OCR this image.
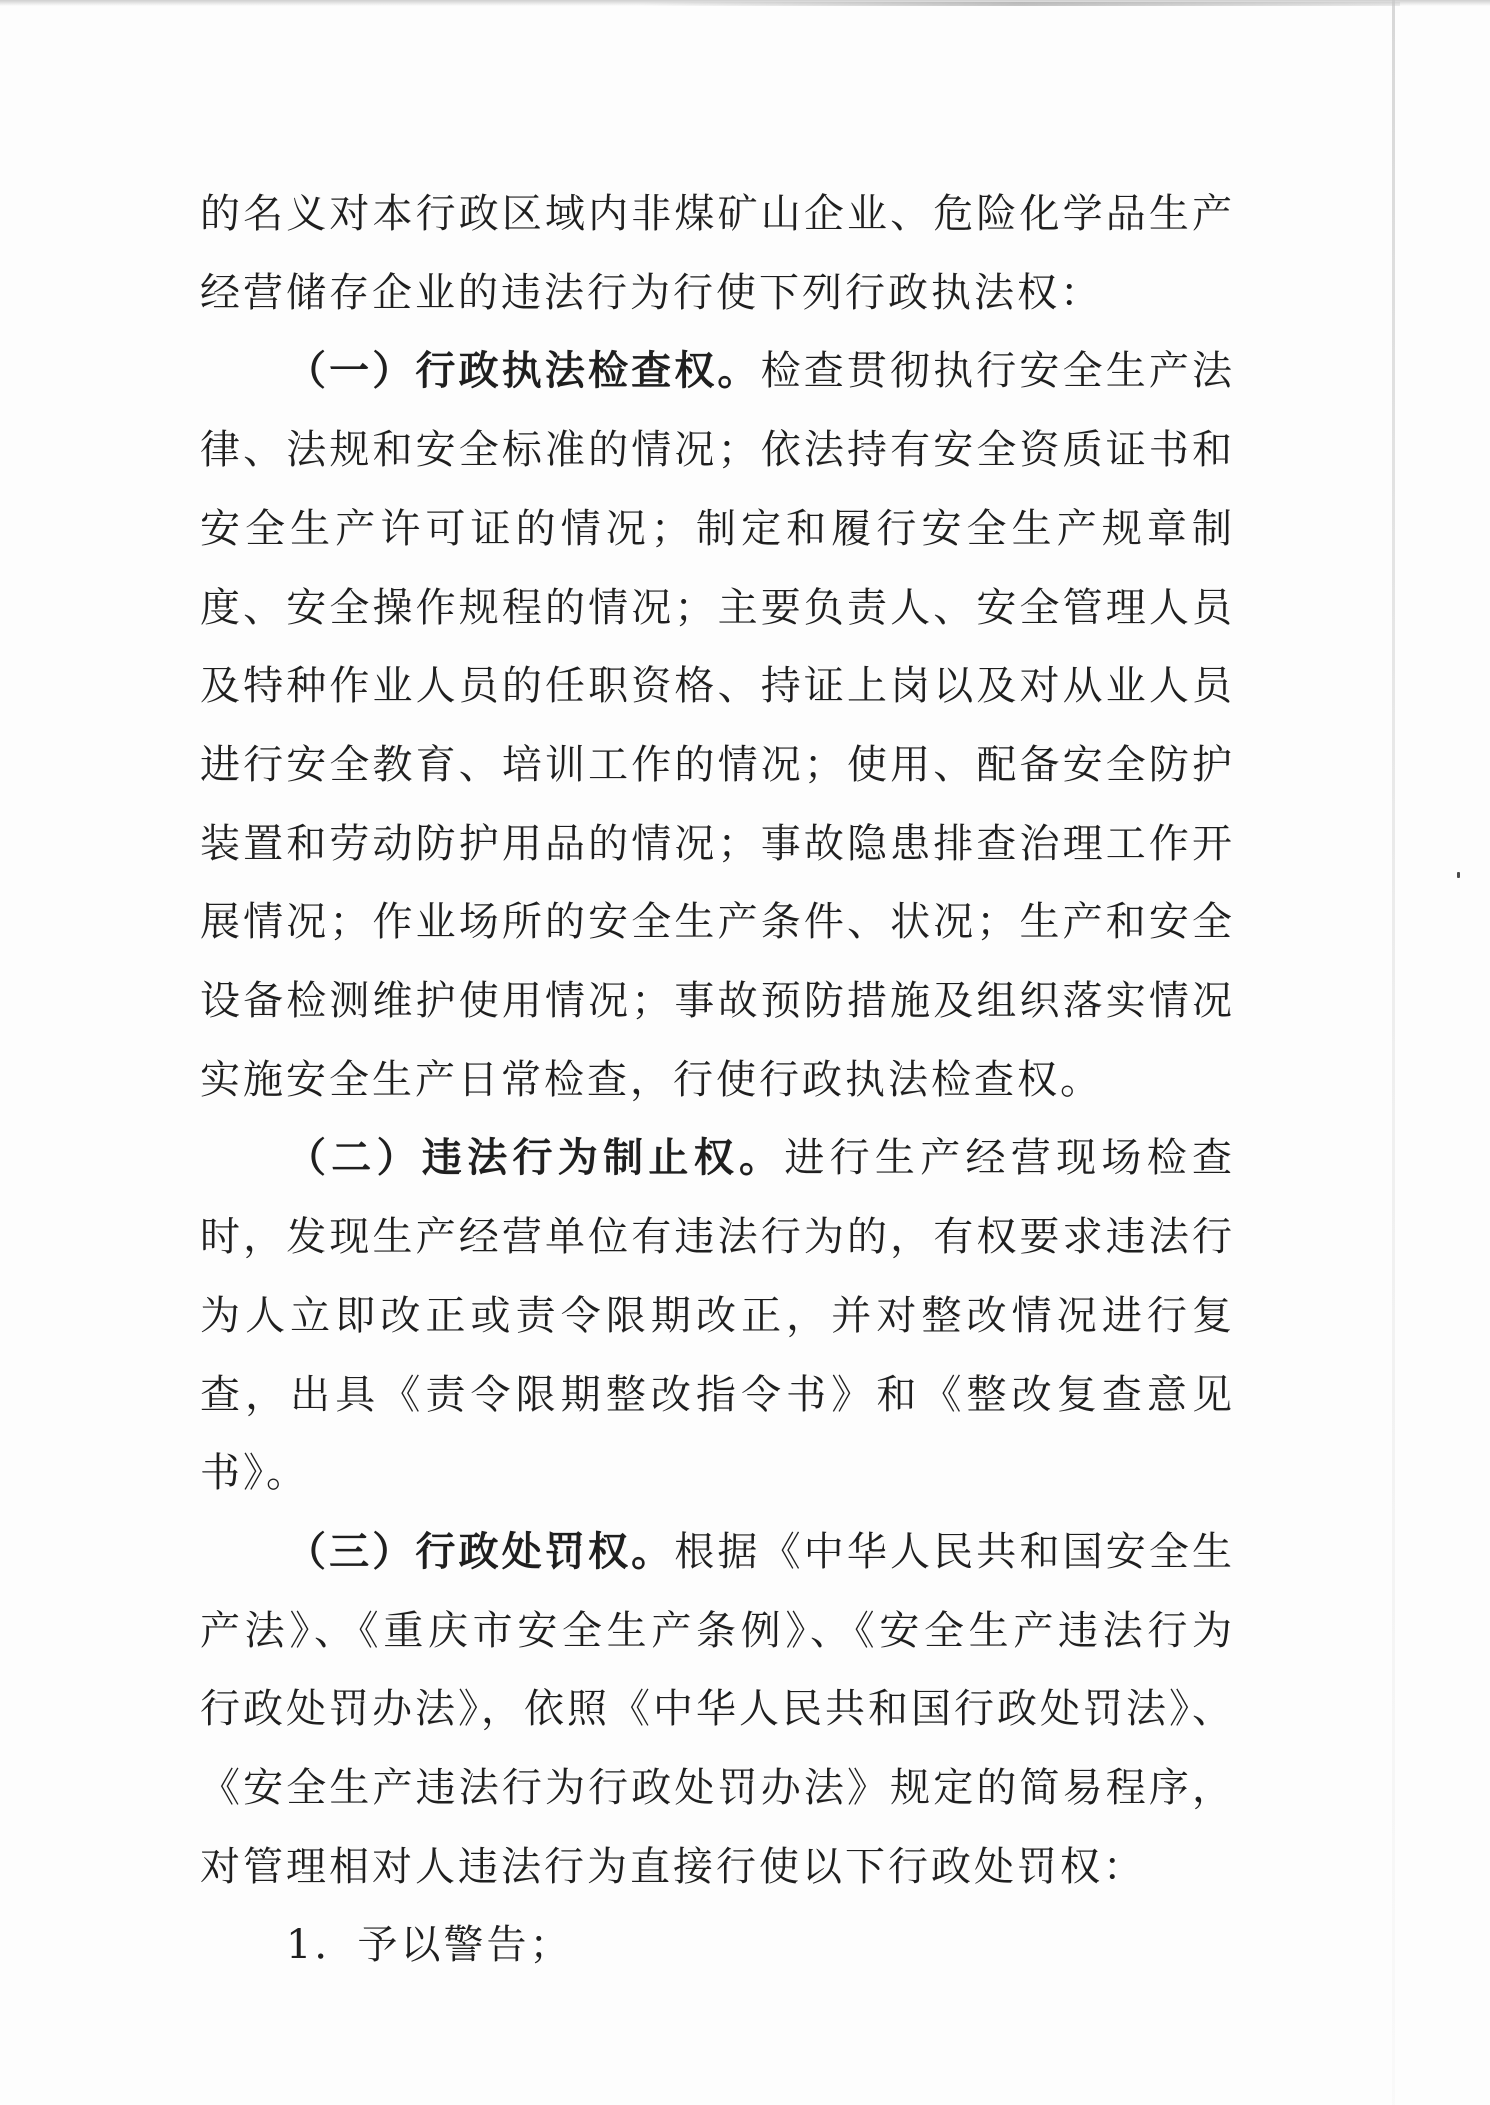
的名义对本行政区域内非煤矿山企业、危险化学品生产经营储存企业的违法行为行使下列行政执法权：

（一）行政执法检查权。检查贯彻执行安全生产法律、法规和安全标准的情况；依法持有安全资质证书和安全生产许可证的情况；制定和履行安全生产规章制度、安全操作规程的情况；主要负责人、安全管理人员及特种作业人员的任职资格、持证上岗以及对从业人员进行安全教育、培训工作的情况；使用、配备安全防护装置和劳动防护用品的情况；事故隐患排查治理工作开展情况；作业场所的安全生产条件、状况；生产和安全设备检测维护使用情况；事故预防措施及组织落实情况实施安全生产日常检查，行使行政执法检查权。

（二）违法行为制止权。进行生产经营现场检查时，发现生产经营单位有违法行为的，有权要求违法行为人立即改正或责令限期改正，并对整改情况进行复查，出具《责令限期整改指令书》和《整改复查意见书》。

（三）行政处罚权。根据《中华人民共和国安全生产法》、《重庆市安全生产条例》、《安全生产违法行为行政处罚办法》，依照《中华人民共和国行政处罚法》、《安全生产违法行为行政处罚办法》规定的简易程序，对管理相对人违法行为直接行使以下行政处罚权：

1．予以警告；
